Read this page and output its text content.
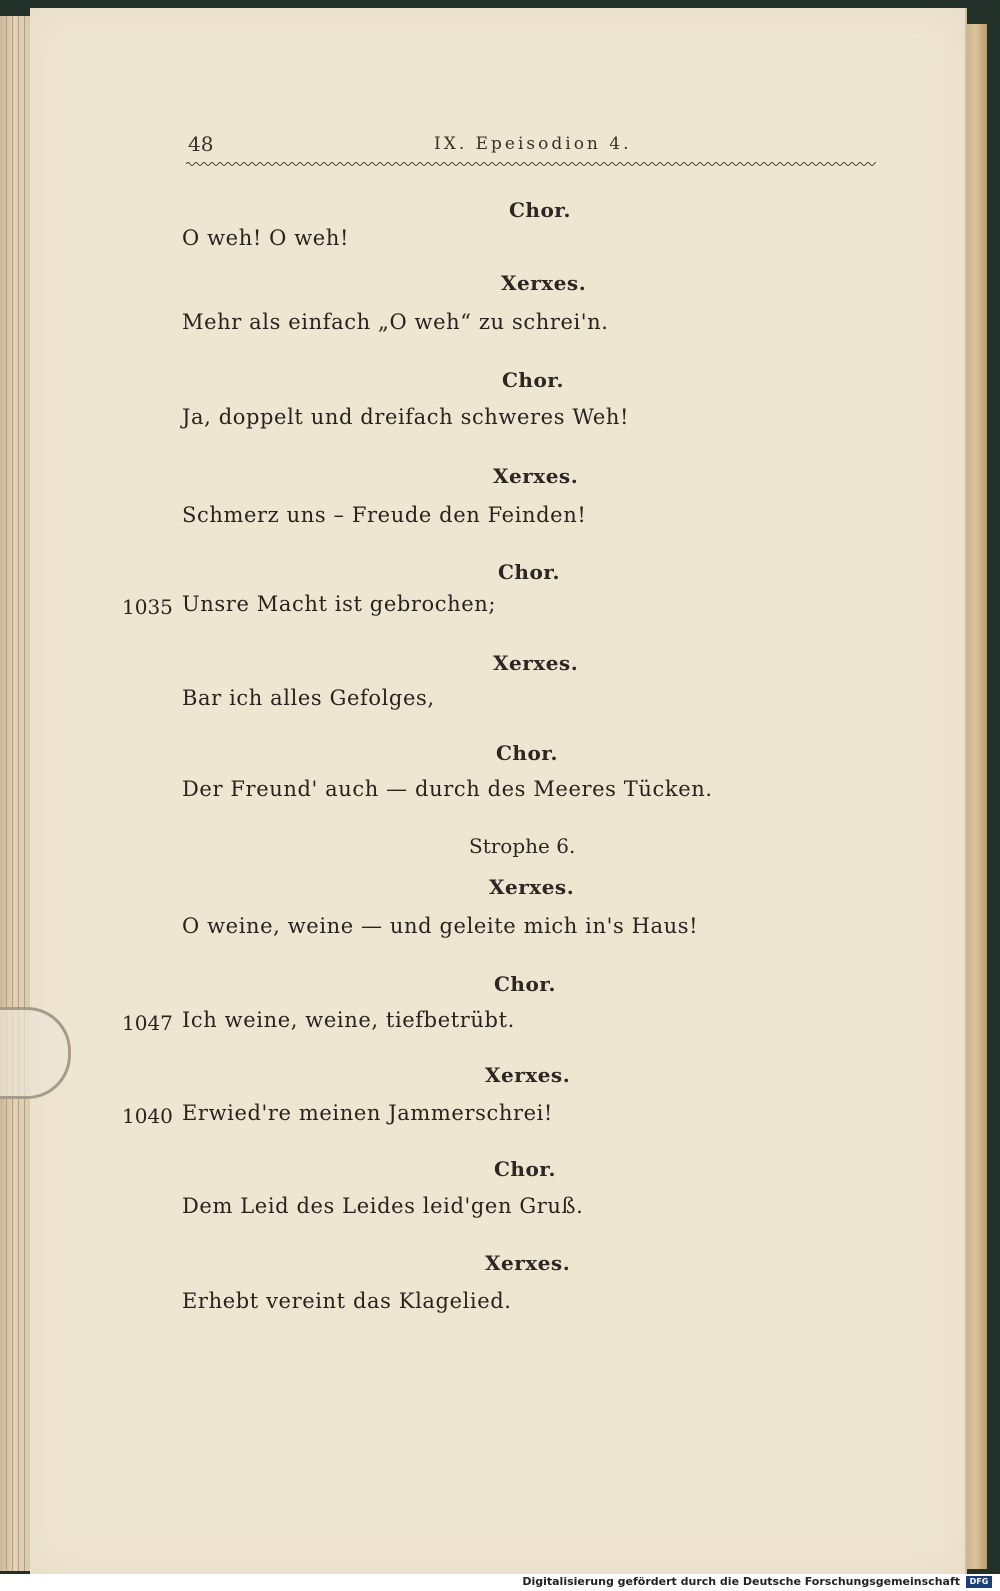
48	IX. Epeisodion 4.
Chor.
O weh! O weh!
Xerxes.
Mehr als einfach „O weh“ zu schrei'n.
Chor.
Ja, doppelt und dreifach schweres Weh!
Xerxes.
Schmerz uns – Freude den Feinden!
Chor.
1035 Unsre Macht ist gebrochen;
Xerxes.
Bar ich alles Gefolges,
Chor.
Der Freund' auch — durch des Meeres Tücken.
Strophe 6.
Xerxes.
O weine, weine — und geleite mich in's Haus!
Chor.
1047 Ich weine, weine, tiefbetrübt.
Xerxes.
1040 Erwied're meinen Jammerschrei!
Chor.
Dem Leid des Leides leid'gen Gruß.
Xerxes.
Erhebt vereint das Klagelied.
Digitalisierung gefördert durch die Deutsche Forschungsgemeinschaft	DFG
